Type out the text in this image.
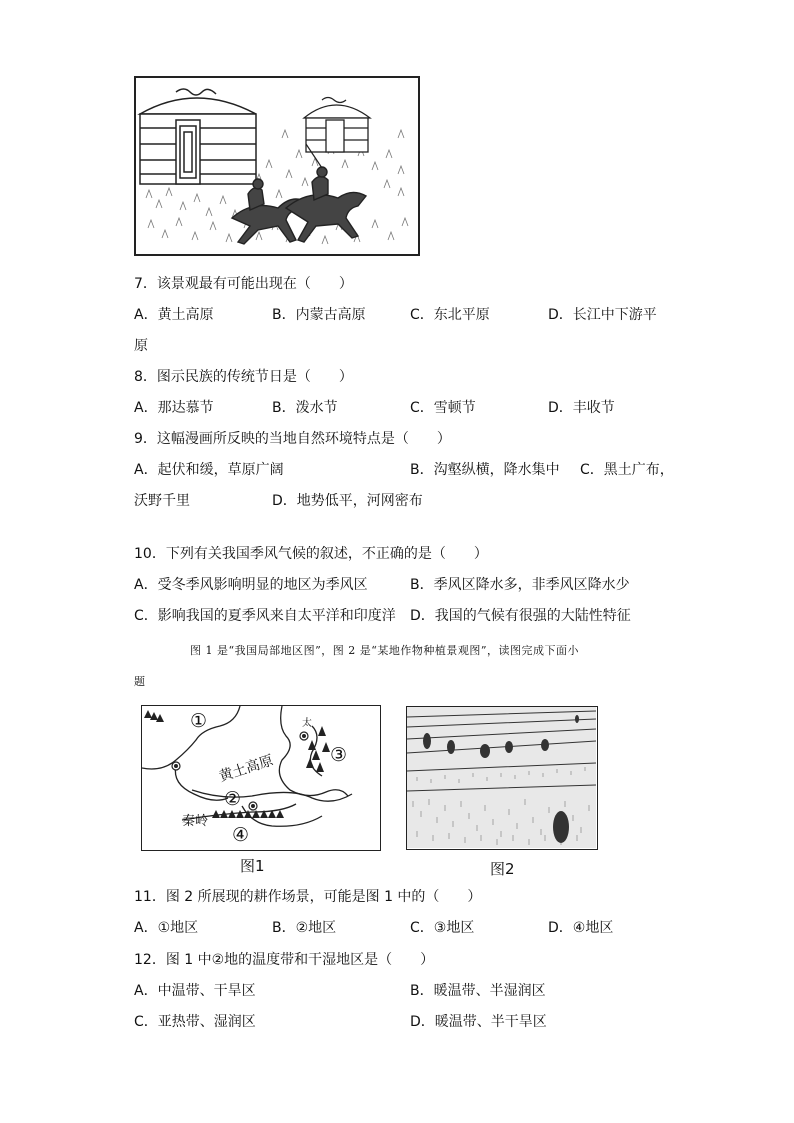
7．该景观最有可能出现在（　　）
A．黄土高原	B．内蒙古高原	C．东北平原	D．长江中下游平
原
8．图示民族的传统节日是（　　）
A．那达慕节	B．泼水节	C．雪顿节	D．丰收节
9．这幅漫画所反映的当地自然环境特点是（　　）
A．起伏和缓，草原广阔	B．沟壑纵横，降水集中 C．黑土广布，
沃野千里	D．地势低平，河网密布
10．下列有关我国季风气候的叙述，不正确的是（　　）
A．受冬季风影响明显的地区为季风区	B．季风区降水多，非季风区降水少
C．影响我国的夏季风来自太平洋和印度洋 D．我国的气候有很强的大陆性特征
图 1 是“我国局部地区图”，图 2 是“某地作物种植景观图”，读图完成下面小
题
①
黄土高原
太
③
②
秦岭
④
图1	图2
11．图 2 所展现的耕作场景，可能是图 1 中的（　　）
A．①地区	B．②地区	C．③地区	D．④地区
12．图 1 中②地的温度带和干湿地区是（　　）
A．中温带、干旱区	B．暖温带、半湿润区
C．亚热带、湿润区	D．暖温带、半干旱区
